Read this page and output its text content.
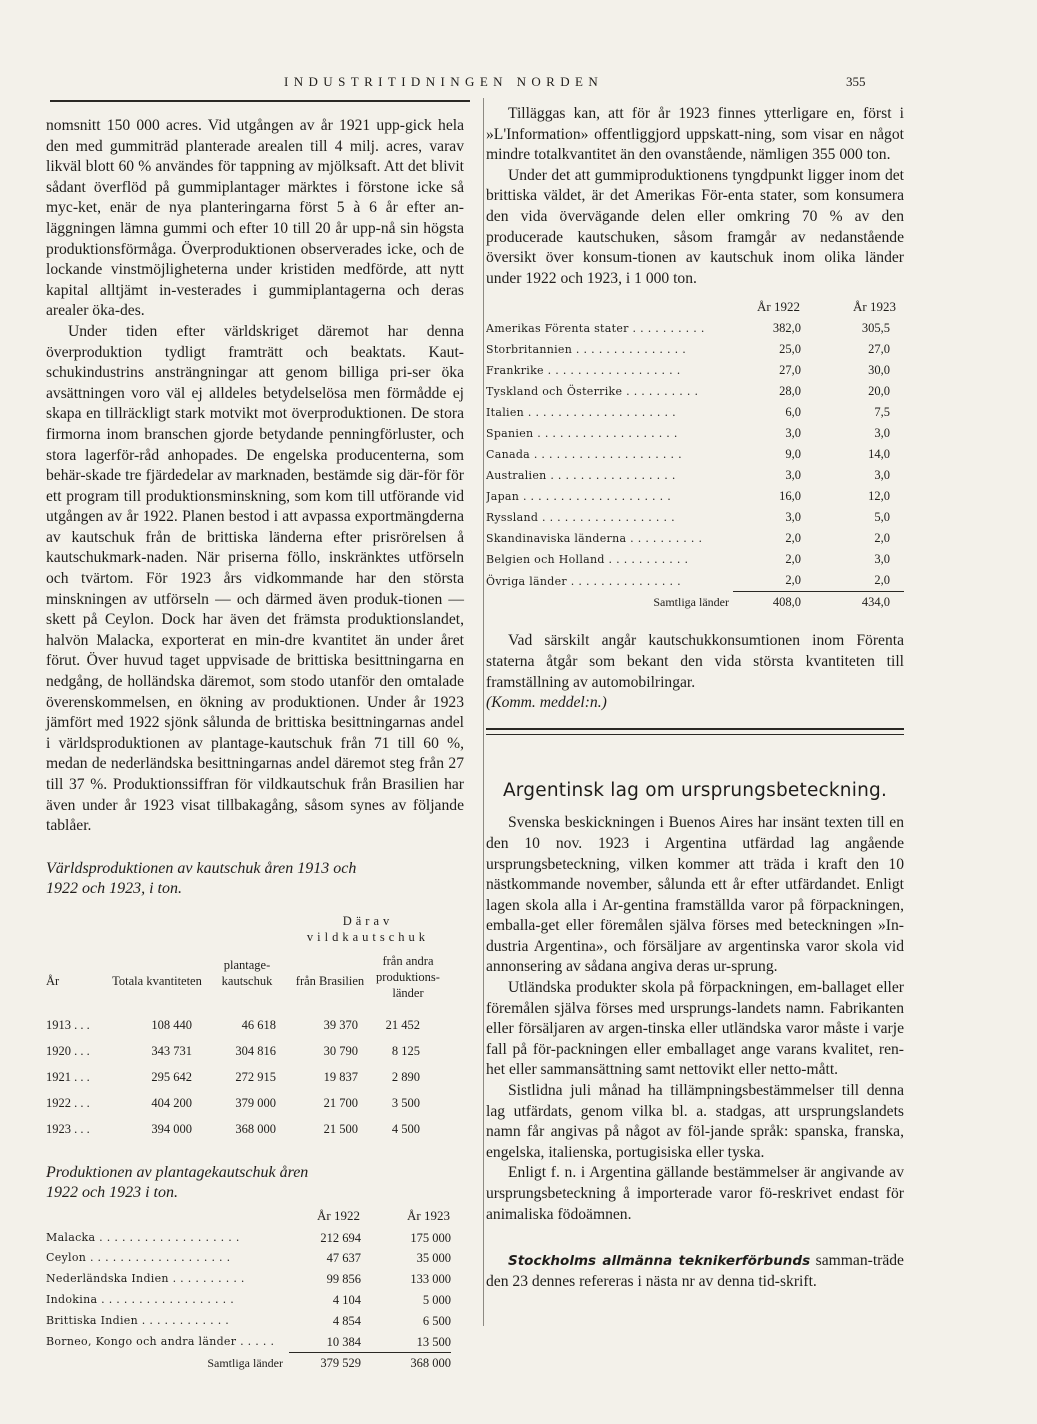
INDUSTRITIDNINGEN NORDEN	355

nomsnitt 150 000 acres. Vid utgången av år 1921 upp-gick hela den med gummiträd planterade arealen till 4 milj. acres, varav likväl blott 60 % användes för tappning av mjölksaft. Att det blivit sådant överflöd på gummiplantager märktes i förstone icke så myc-ket, enär de nya planteringarna först 5 à 6 år efter an-läggningen lämna gummi och efter 10 till 20 år upp-nå sin högsta produktionsförmåga. Överproduktionen observerades icke, och de lockande vinstmöjligheterna under kristiden medförde, att nytt kapital alltjämt in-vesterades i gummiplantagerna och deras arealer öka-des.

Under tiden efter världskriget däremot har denna överproduktion tydligt framträtt och beaktats. Kaut-schukindustrins ansträngningar att genom billiga pri-ser öka avsättningen voro väl ej alldeles betydelselösa men förmådde ej skapa en tillräckligt stark motvikt mot överproduktionen. De stora firmorna inom branschen gjorde betydande penningförluster, och stora lagerför-råd anhopades. De engelska producenterna, som behär-skade tre fjärdedelar av marknaden, bestämde sig där-för för ett program till produktionsminskning, som kom till utförande vid utgången av år 1922. Planen bestod i att avpassa exportmängderna av kautschuk från de brittiska länderna efter prisrörelsen å kautschukmark-naden. När priserna föllo, inskränktes utförseln och tvärtom. För 1923 års vidkommande har den största minskningen av utförseln — och därmed även produk-tionen — skett på Ceylon. Dock har även det främsta produktionslandet, halvön Malacka, exporterat en min-dre kvantitet än under året förut. Över huvud taget uppvisade de brittiska besittningarna en nedgång, de holländska däremot, som stodo utanför den omtalade överenskommelsen, en ökning av produktionen. Under år 1923 jämfört med 1922 sjönk sålunda de brittiska besittningarnas andel i världsproduktionen av plantage-kautschuk från 71 till 60 %, medan de nederländska besittningarnas andel däremot steg från 27 till 37 %. Produktionssiffran för vildkautschuk från Brasilien har även under år 1923 visat tillbakagång, såsom synes av följande tablåer.

Världsproduktionen av kautschuk åren 1913 och

1922 och 1923, i ton.

			Därav	
			vildkautschuk	
År	Totala kvantiteten	plantage-kautschuk	från Brasilien	från andra produktions-länder
1913 . . .	108 440	46 618	39 370	21 452
1920 . . .	343 731	304 816	30 790	8 125
1921 . . .	295 642	272 915	19 837	2 890
1922 . . .	404 200	379 000	21 700	3 500
1923 . . .	394 000	368 000	21 500	4 500

Produktionen av plantagekautschuk åren

1922 och 1923 i ton.

	År 1922	År 1923
Malacka . . . . . . . . . . . . . . . . . . .	212 694	175 000
Ceylon . . . . . . . . . . . . . . . . . . .	47 637	35 000
Nederländska Indien . . . . . . . . . .	99 856	133 000
Indokina . . . . . . . . . . . . . . . . . .	4 104	5 000
Brittiska Indien . . . . . . . . . . . .	4 854	6 500
Borneo, Kongo och andra länder . . . . .	10 384	13 500
Samtliga länder	379 529	368 000

Tilläggas kan, att för år 1923 finnes ytterligare en, först i »L'Information» offentliggjord uppskatt-ning, som visar en något mindre totalkvantitet än den ovanstående, nämligen 355 000 ton.

Under det att gummiproduktionens tyngdpunkt ligger inom det brittiska väldet, är det Amerikas För-enta stater, som konsumera den vida övervägande delen eller omkring 70 % av den producerade kautschuken, såsom framgår av nedanstående översikt över konsum-tionen av kautschuk inom olika länder under 1922 och 1923, i 1 000 ton.

	År 1922	År 1923
Amerikas Förenta stater . . . . . . . . . .	382,0	305,5
Storbritannien . . . . . . . . . . . . . . .	25,0	27,0
Frankrike . . . . . . . . . . . . . . . . . .	27,0	30,0
Tyskland och Österrike . . . . . . . . . .	28,0	20,0
Italien . . . . . . . . . . . . . . . . . . . .	6,0	7,5
Spanien . . . . . . . . . . . . . . . . . . .	3,0	3,0
Canada . . . . . . . . . . . . . . . . . . . .	9,0	14,0
Australien . . . . . . . . . . . . . . . . .	3,0	3,0
Japan . . . . . . . . . . . . . . . . . . . .	16,0	12,0
Ryssland . . . . . . . . . . . . . . . . . .	3,0	5,0
Skandinaviska länderna . . . . . . . . . .	2,0	2,0
Belgien och Holland . . . . . . . . . . .	2,0	3,0
Övriga länder . . . . . . . . . . . . . . .	2,0	2,0
Samtliga länder	408,0	434,0

Vad särskilt angår kautschukkonsumtionen inom Förenta staterna åtgår som bekant den vida största kvantiteten till framställning av automobilringar.

(Komm. meddel:n.)

Argentinsk lag om ursprungsbeteckning.

Svenska beskickningen i Buenos Aires har insänt texten till en den 10 nov. 1923 i Argentina utfärdad lag angående ursprungsbeteckning, vilken kommer att träda i kraft den 10 nästkommande november, sålunda ett år efter utfärdandet. Enligt lagen skola alla i Ar-gentina framställda varor på förpackningen, emballa-get eller föremålen själva förses med beteckningen »In-dustria Argentina», och försäljare av argentinska varor skola vid annonsering av sådana angiva deras ur-sprung.

Utländska produkter skola på förpackningen, em-ballaget eller föremålen själva förses med ursprungs-landets namn. Fabrikanten eller försäljaren av argen-tinska eller utländska varor måste i varje fall på för-packningen eller emballaget ange varans kvalitet, ren-het eller sammansättning samt nettovikt eller netto-mått.

Sistlidna juli månad ha tillämpningsbestämmelser till denna lag utfärdats, genom vilka bl. a. stadgas, att ursprungslandets namn får angivas på något av föl-jande språk: spanska, franska, engelska, italienska, portugisiska eller tyska.

Enligt f. n. i Argentina gällande bestämmelser är angivande av ursprungsbeteckning å importerade varor fö-reskrivet endast för animaliska födoämnen.

Stockholms allmänna teknikerförbunds samman-träde den 23 dennes refereras i nästa nr av denna tid-skrift.
